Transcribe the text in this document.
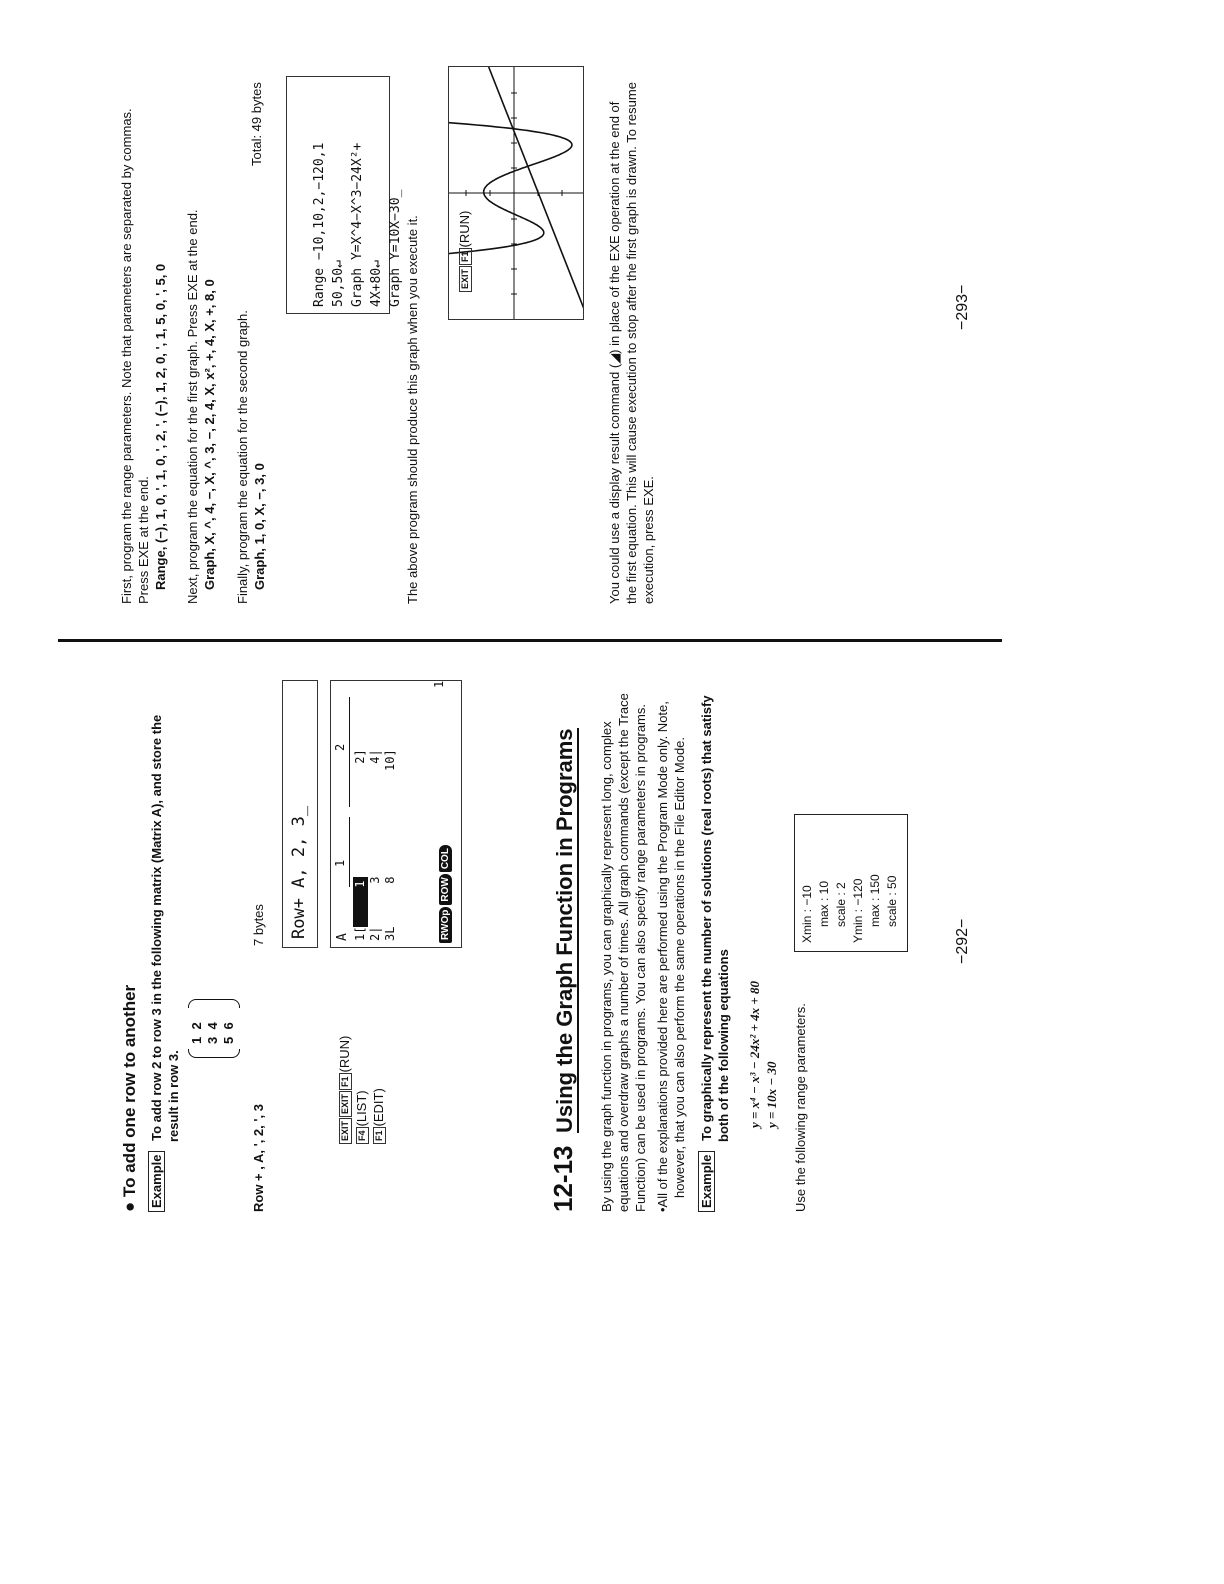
● To add one row to another Example To add row 2 to row 3 in the following matrix (Matrix A), and store the result in row 3.
1  2
3  4
5  6
Row + , A, ', 2, ', 3
7 bytes
EXITEXITF1(RUN)
F4(LIST)
F1(EDIT)
Row+ A, 2, 3_ A
1
2
1[12]
2|34|
3L810]
RWOpROWCOL
1
12-13 Using the Graph Function in Programs By using the graph function in programs, you can graphically represent long, complex equations and overdraw graphs a number of times. All graph commands (except the Trace Function) can be used in programs. You can also specify range parameters in programs. •All of the explanations provided here are performed using the Program Mode only. Note, however, that you can also perform the same operations in the File Editor Mode. Example To graphically represent the number of solutions (real roots) that satisfy both of the following equations y = x⁴ − x³ − 24x² + 4x + 80 y = 10x − 30 Use the following range parameters.
Xmin : −10 max : 10 scale : 2 Ymin : −120 max : 150 scale : 50
−292−
First, program the range parameters. Note that parameters are separated by commas. Press EXE at the end. Range, (−), 1, 0, ', 1, 0, ', 2, ', (−), 1, 2, 0, ', 1, 5, 0, ', 5, 0 Next, program the equation for the first graph. Press EXE at the end. Graph, X, ^, 4, −, X, ^, 3, −, 2, 4, X, x², +, 4, X, +, 8, 0 Finally, program the equation for the second graph. Graph, 1, 0, X, −, 3, 0
Total: 49 bytes

Range −10,10,2,−120,1 50,50↵ Graph Y=X^4−X^3−24X²+ 4X+80↵ Graph Y=10X−30_

The above program should produce this graph when you execute it.	EXITF1(RUN)	You could use a display result command (◢) in place of the EXE operation at the end of the first equation. This will cause execution to stop after the first graph is drawn. To resume execution, press EXE.
−293−
